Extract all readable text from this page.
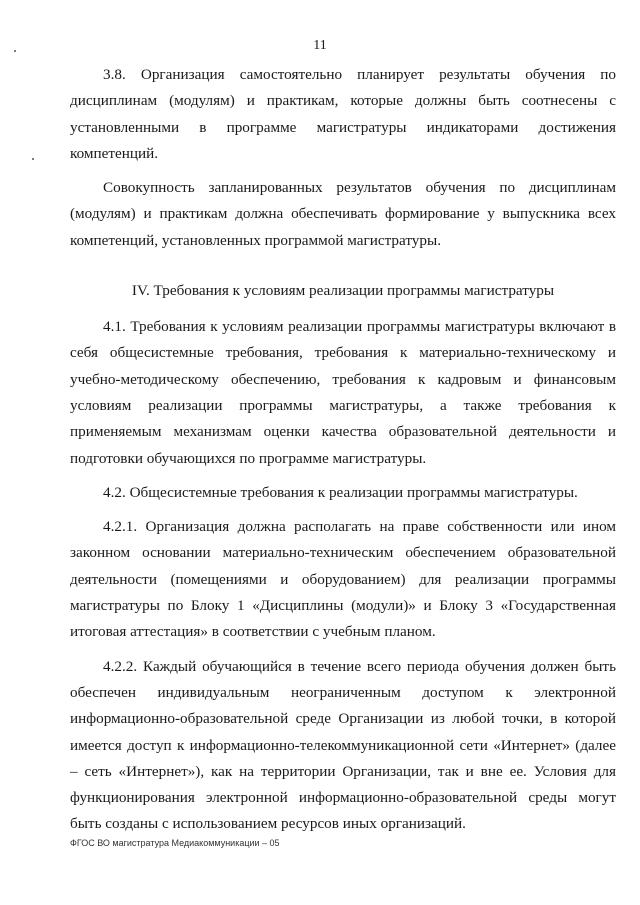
11

3.8. Организация самостоятельно планирует результаты обучения по дисциплинам (модулям) и практикам, которые должны быть соотнесены с установленными в программе магистратуры индикаторами достижения компетенций.

Совокупность запланированных результатов обучения по дисциплинам (модулям) и практикам должна обеспечивать формирование у выпускника всех компетенций, установленных программой магистратуры.

IV. Требования к условиям реализации программы магистратуры

4.1. Требования к условиям реализации программы магистратуры включают в себя общесистемные требования, требования к материально-техническому и учебно-методическому обеспечению, требования к кадровым и финансовым условиям реализации программы магистратуры, а также требования к применяемым механизмам оценки качества образовательной деятельности и подготовки обучающихся по программе магистратуры.

4.2. Общесистемные требования к реализации программы магистратуры.

4.2.1. Организация должна располагать на праве собственности или ином законном основании материально-техническим обеспечением образовательной деятельности (помещениями и оборудованием) для реализации программы магистратуры по Блоку 1 «Дисциплины (модули)» и Блоку 3 «Государственная итоговая аттестация» в соответствии с учебным планом.

4.2.2. Каждый обучающийся в течение всего периода обучения должен быть обеспечен индивидуальным неограниченным доступом к электронной информационно-образовательной среде Организации из любой точки, в которой имеется доступ к информационно-телекоммуникационной сети «Интернет» (далее – сеть «Интернет»), как на территории Организации, так и вне ее. Условия для функционирования электронной информационно-образовательной среды могут быть созданы с использованием ресурсов иных организаций.

ФГОС ВО магистратура Медиакоммуникации – 05
